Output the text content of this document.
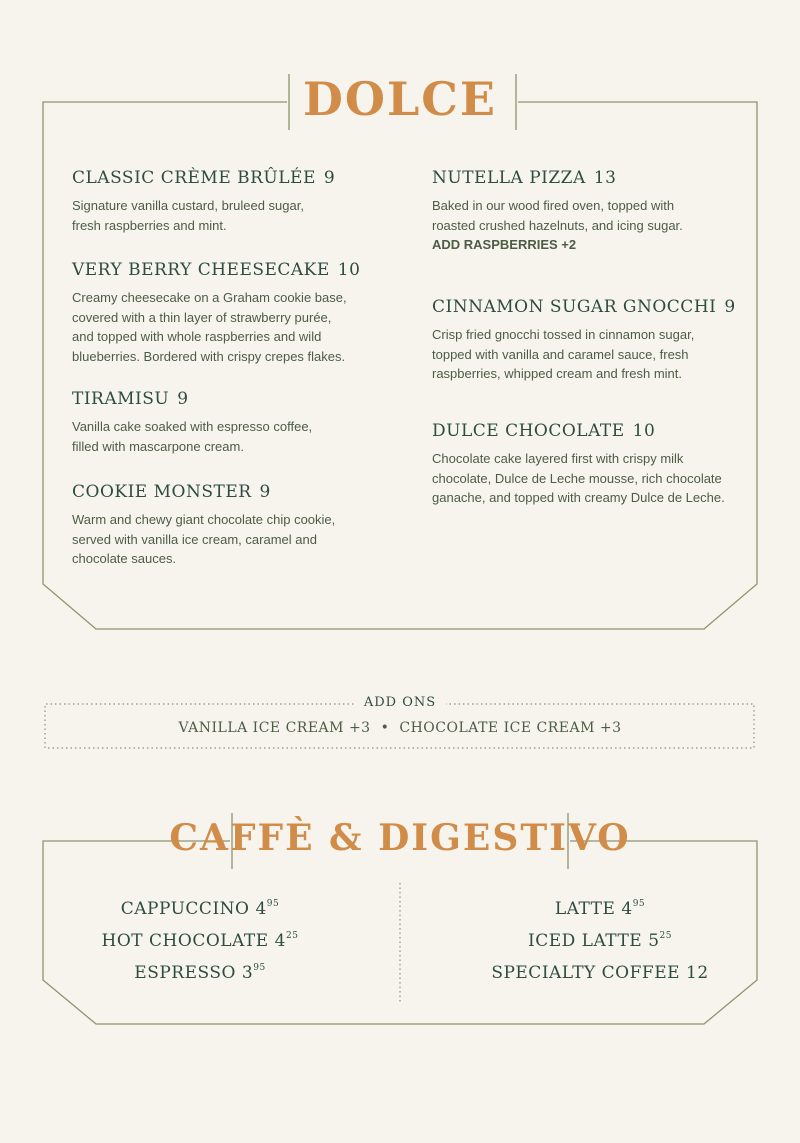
DOLCE
ADD ONS
VANILLA ICE CREAM +3 • CHOCOLATE ICE CREAM +3
CAFFÈ & DIGESTIVO
CAPPUCCINO $4^{95}$
HOT CHOCOLATE $4^{25}$
ESPRESSO $3^{95}$
LATTE $4^{95}$
ICED LATTE $5^{25}$
SPECIALTY COFFEE 12
CLASSIC CRÈME BRÛLÉE 9
Signature vanilla custard, bruleed sugar,
fresh raspberries and mint.
VERY BERRY CHEESECAKE 10
Creamy cheesecake on a Graham cookie base,
covered with a thin layer of strawberry purée,
and topped with whole raspberries and wild
blueberries. Bordered with crispy crepes flakes.
TIRAMISU 9
Vanilla cake soaked with espresso coffee,
filled with mascarpone cream.
COOKIE MONSTER 9
Warm and chewy giant chocolate chip cookie,
served with vanilla ice cream, caramel and
chocolate sauces.
NUTELLA PIZZA 13
Baked in our wood fired oven, topped with
roasted crushed hazelnuts, and icing sugar.
ADD RASPBERRIES +2
CINNAMON SUGAR GNOCCHI 9
Crisp fried gnocchi tossed in cinnamon sugar,
topped with vanilla and caramel sauce, fresh
raspberries, whipped cream and fresh mint.
DULCE CHOCOLATE 10
Chocolate cake layered first with crispy milk
chocolate, Dulce de Leche mousse, rich chocolate
ganache, and topped with creamy Dulce de Leche.
